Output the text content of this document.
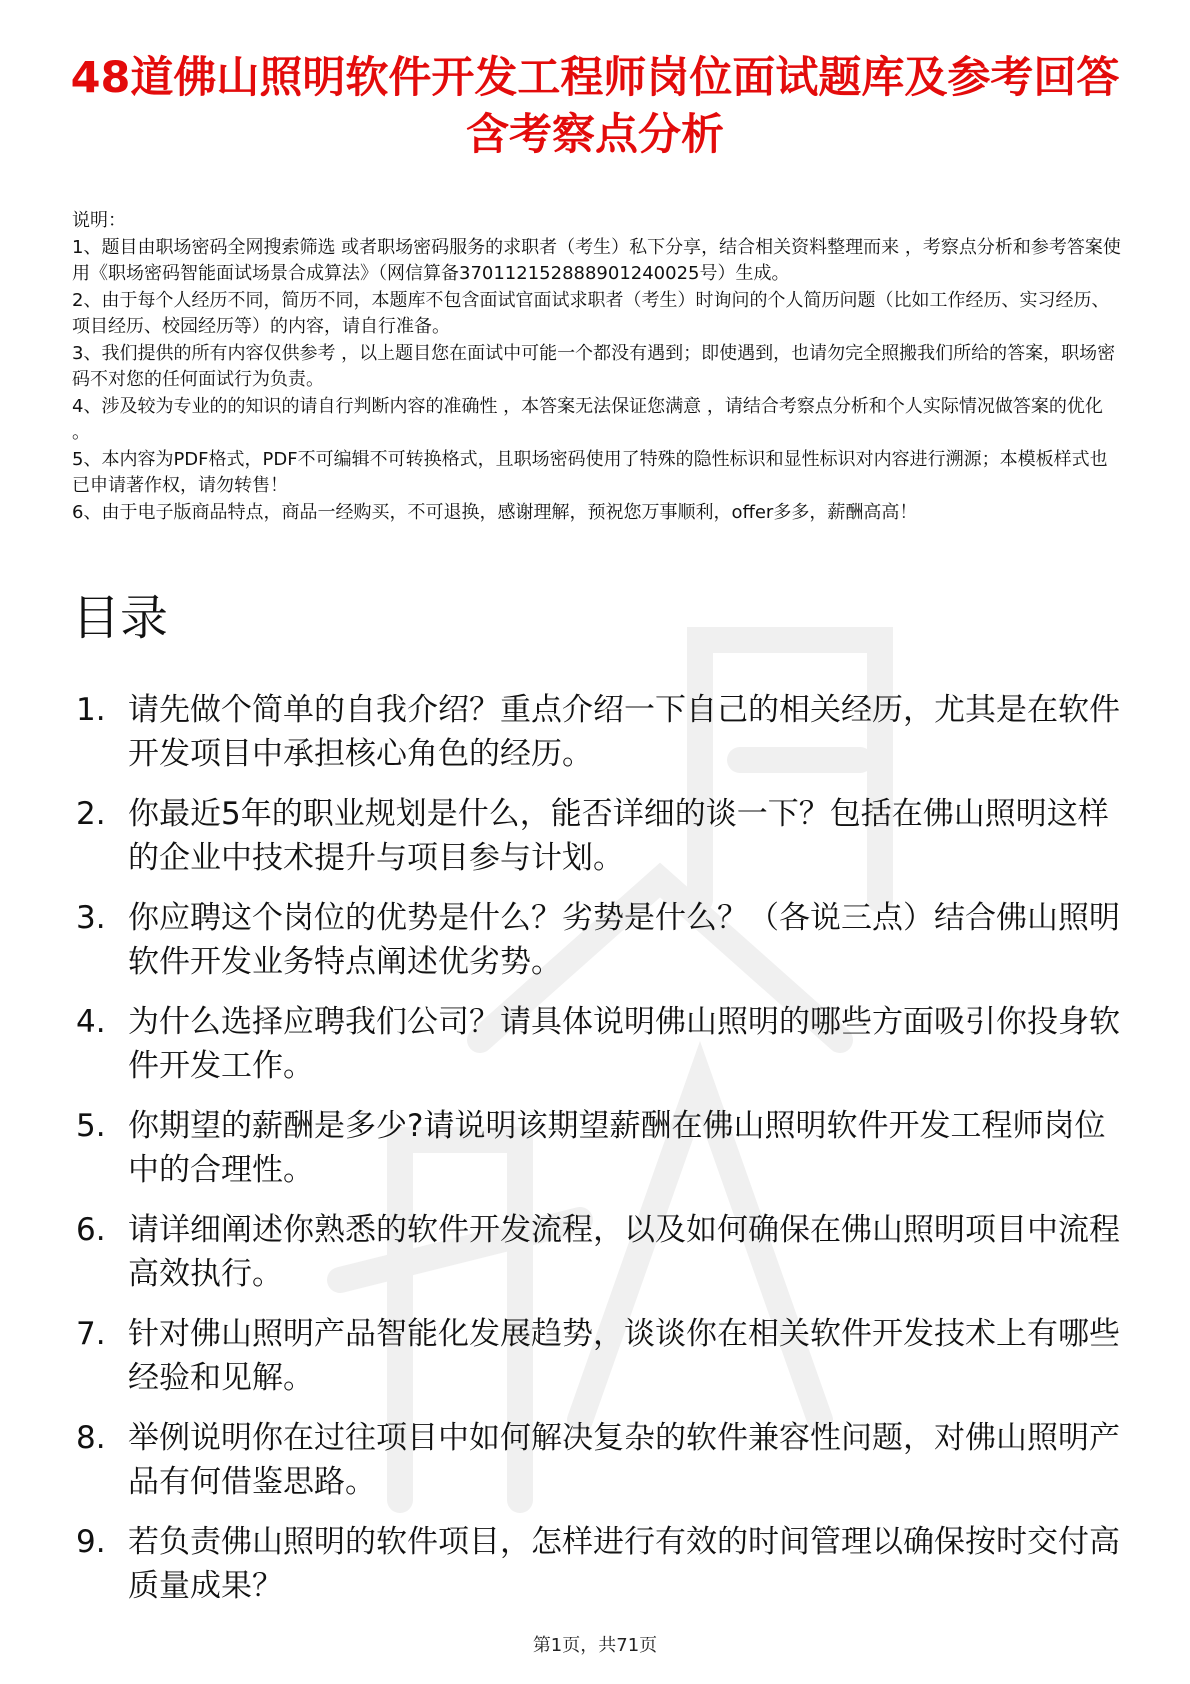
48道佛山照明软件开发工程师岗位面试题库及参考回答含考察点分析

说明：

1、题目由职场密码全网搜索筛选 或者职场密码服务的求职者（考生）私下分享，结合相关资料整理而来 ，考察点分析和参考答案使用《职场密码智能面试场景合成算法》（网信算备370112152888901240025号）生成。

2、由于每个人经历不同，简历不同，本题库不包含面试官面试求职者（考生）时询问的个人简历问题（比如工作经历、实习经历、项目经历、校园经历等）的内容，请自行准备。

3、我们提供的所有内容仅供参考 ，以上题目您在面试中可能一个都没有遇到；即使遇到，也请勿完全照搬我们所给的答案，职场密码不对您的任何面试行为负责。

4、涉及较为专业的的知识的请自行判断内容的准确性 ，本答案无法保证您满意 ，请结合考察点分析和个人实际情况做答案的优化 。

5、本内容为PDF格式，PDF不可编辑不可转换格式，且职场密码使用了特殊的隐性标识和显性标识对内容进行溯源；本模板样式也已申请著作权，请勿转售！

6、由于电子版商品特点，商品一经购买，不可退换，感谢理解，预祝您万事顺利，offer多多，薪酬高高！

目录
1. 请先做个简单的自我介绍？重点介绍一下自己的相关经历，尤其是在软件开发项目中承担核心角色的经历。
2. 你最近5年的职业规划是什么，能否详细的谈一下？包括在佛山照明这样的企业中技术提升与项目参与计划。
3. 你应聘这个岗位的优势是什么？劣势是什么？（各说三点）结合佛山照明软件开发业务特点阐述优劣势。
4. 为什么选择应聘我们公司？请具体说明佛山照明的哪些方面吸引你投身软件开发工作。
5. 你期望的薪酬是多少?请说明该期望薪酬在佛山照明软件开发工程师岗位中的合理性。
6. 请详细阐述你熟悉的软件开发流程，以及如何确保在佛山照明项目中流程高效执行。
7. 针对佛山照明产品智能化发展趋势，谈谈你在相关软件开发技术上有哪些经验和见解。
8. 举例说明你在过往项目中如何解决复杂的软件兼容性问题，对佛山照明产品有何借鉴思路。
9. 若负责佛山照明的软件项目，怎样进行有效的时间管理以确保按时交付高质量成果？
第1页，共71页
